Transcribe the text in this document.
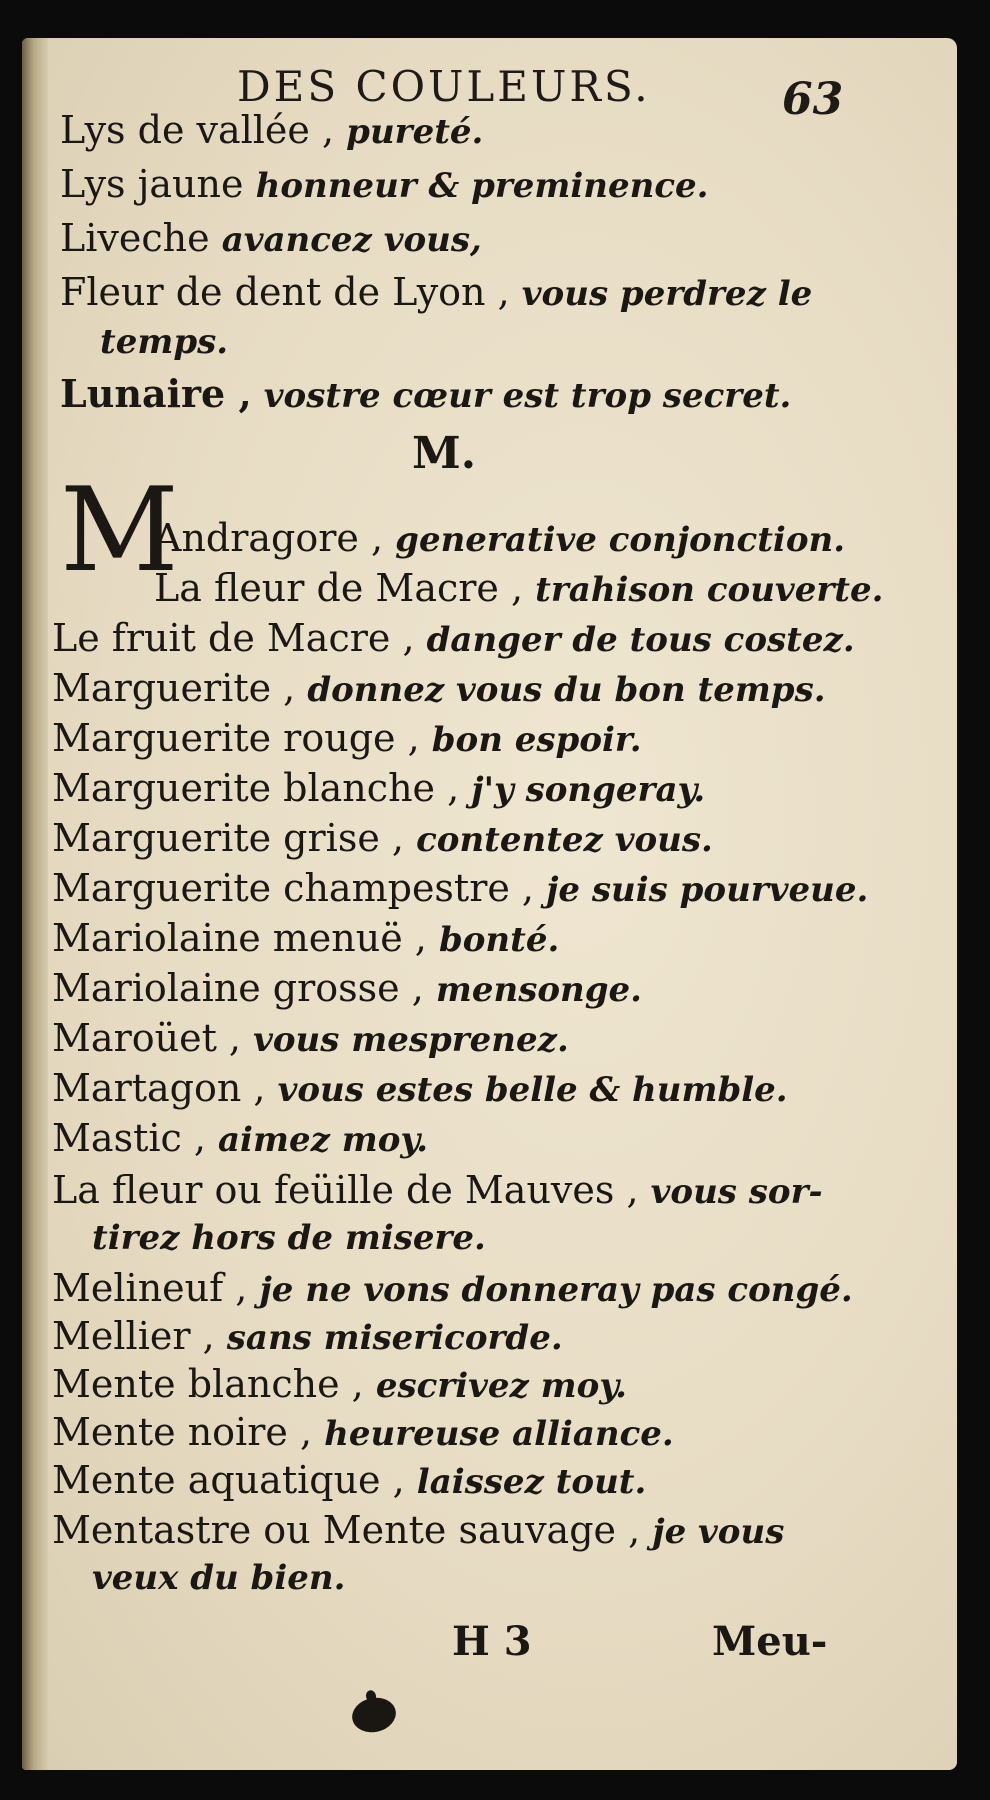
DES COULEURS.	63
Lys de vallée , pureté.
Lys jaune honneur & preminence.
Liveche avancez vous,
Fleur de dent de Lyon , vous perdrez le
temps.
Lunaire , vostre cœur est trop secret.
M.
M
Andragore , generative conjonction.
La fleur de Macre , trahison couverte.
Le fruit de Macre , danger de tous costez.
Marguerite , donnez vous du bon temps.
Marguerite rouge , bon espoir.
Marguerite blanche , j'y songeray.
Marguerite grise , contentez vous.
Marguerite champestre , je suis pourveue.
Mariolaine menuë , bonté.
Mariolaine grosse , mensonge.
Maroüet , vous mesprenez.
Martagon , vous estes belle & humble.
Mastic , aimez moy.
La fleur ou feüille de Mauves , vous sor-
tirez hors de misere.
Melineuf , je ne vons donneray pas congé.
Mellier , sans misericorde.
Mente blanche , escrivez moy.
Mente noire , heureuse alliance.
Mente aquatique , laissez tout.
Mentastre ou Mente sauvage , je vous
veux du bien.
H 3	Meu-
